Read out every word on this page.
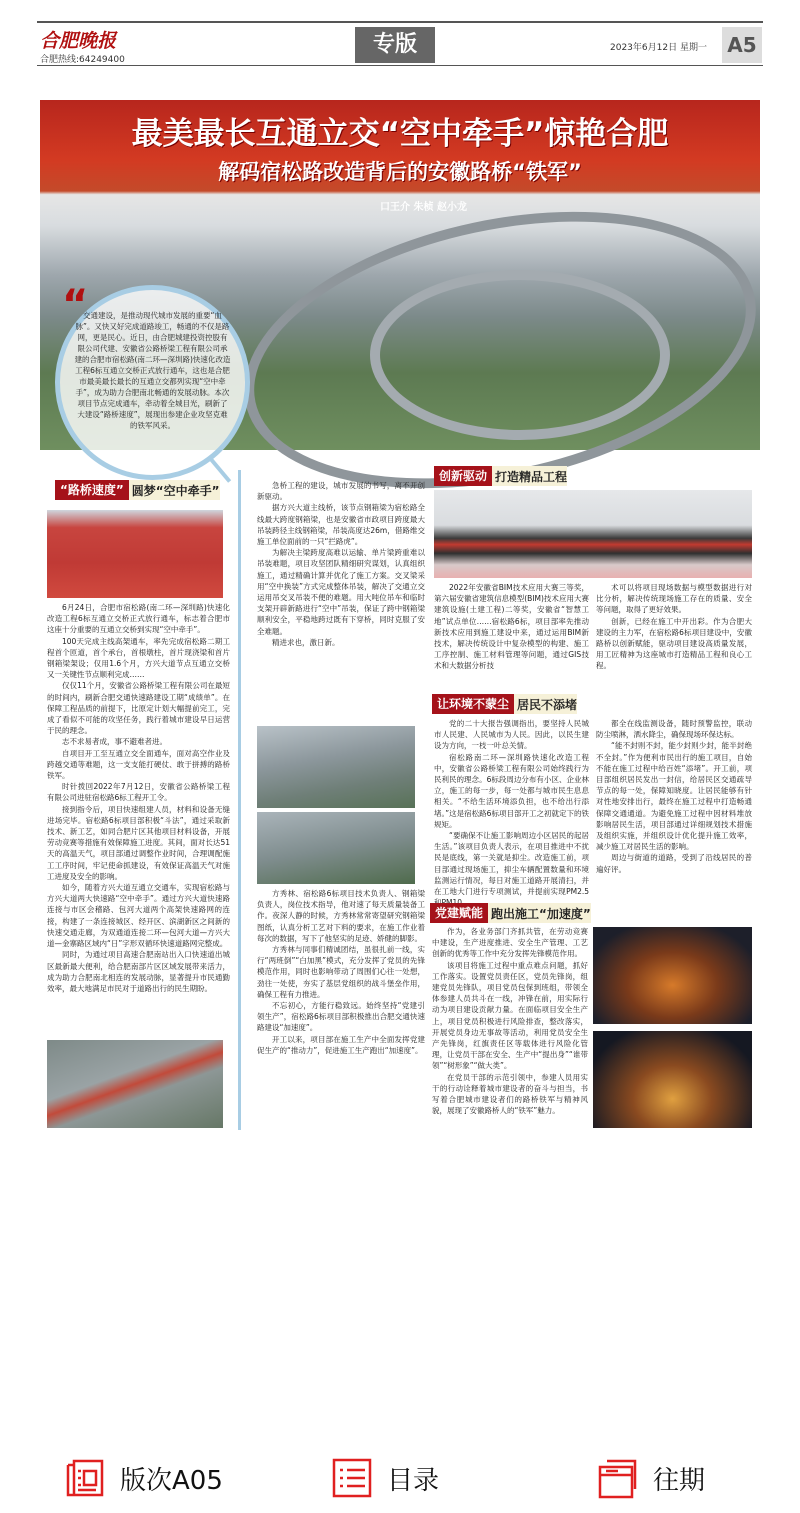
合肥晚报
合肥热线:64249400
专版	2023年6月12日 星期一 A5
最美最长互通立交“空中牵手”惊艳合肥
解码宿松路改造背后的安徽路桥“铁军”
口王介 朱桢 赵小龙
交通建设，是推动现代城市发展的重要“血脉”。又快又好完成道路竣工，畅通的不仅是路网，更是民心。近日，由合肥城建投资控股有限公司代建、安徽省公路桥梁工程有限公司承建的合肥市宿松路(南二环—深圳路)快速化改造工程6标互通立交桥正式放行通车，这也是合肥市最美最长最长的互通立交都列实现“空中牵手”，成为助力合肥南北畅通的发展动脉。本次项目节点完成通车，牵动着全城目光，刷新了大建设“路桥速度”，展现出参建企业攻坚克难的铁军风采。
“
“路桥速度” 圆梦“空中牵手”

6月24日，合肥市宿松路(南二环—深圳路)快速化改造工程6标互通立交桥正式放行通车，标志着合肥市这座十分重要的互通立交桥到实现“空中牵手”。

100天完成主线高架通车，率先完成宿松路二期工程首个匝道，首个承台，首根墩柱，首片现浇梁和首片钢箱梁架设；仅用1.6个月，方兴大道节点互通立交桥又一关键性节点顺利完成……

仅仅11个月，安徽省公路桥梁工程有限公司在最短的时间内，刷新合肥交通快速路建设工期“成绩单”。在保障工程品质的前提下，比原定计划大幅提前完工，完成了看似不可能的攻坚任务，践行着城市建设早日运营于民的理念。

志不求易者成，事不避难者进。

自项目开工至互通立交全面通车，面对高空作业及跨越交通等难题，这一支支能打硬仗、敢于拼搏的路桥铁军。

时针拨回2022年7月12日，安徽省公路桥梁工程有限公司进驻宿松路6标工程开工令。

接到指令后，项目快速组建人员，材料和设备无缝进场完毕。宿松路6标项目部积极“斗法”，通过采取新技术、新工艺，如同合肥片区其他项目材料设备，开展劳动竞赛等措施有效保障施工进度。其间，面对长达51天的高温天气，项目部通过调整作业时间，合理调配施工工序时间，牢记使命抓建设，有效保证高温天气对施工进度及安全的影响。

如今，随着方兴大道互通立交通车，实现宿松路与方兴大道两大快速路“空中牵手”。通过方兴大道快速路连接与市区会稽路、包河大道两个高架快速路网的连接，构建了一条连接城区、经开区、滨湖新区之间新的快速交通走廊，为双通道连接二环—包河大道—方兴大道—金寨路区域内“日”字形双循环快速道路网完整成。

同时，为通过项目高速合肥南站出入口快速道出城区最新最大便利，给合肥南部片区区域发展带来活力，成为助力合肥南北相连的发展动脉，显著提升市民通勤效率，最大地满足市民对于道路出行的民生期盼。

急桥工程的建设，城市发展的书写，离不开创新驱动。

据方兴大道主线桥，该节点钢箱梁为宿松路全线最大跨度钢箱梁，也是安徽省市政项目跨度最大吊装跨径主线钢箱梁，吊装高度达26m，借路维交施工单位面前的一只“拦路虎”。

为解决主梁跨度高难以运输、单片梁跨重难以吊装难题，项目攻坚团队精细研究谋划，认真组织施工，通过精确计算并优化了施工方案。交叉梁采用“空中换装”方式完成整体吊装，解决了交通立交运用吊交叉吊装不便的难题。用大吨位吊车和临时支架开辟新路进行“空中”吊装，保证了跨中钢箱梁顺利安全，平稳地跨过既有下穿桥，同时克服了安全难题。

精进求也，激日新。

方秀林、宿松路6标项目技术负责人、钢箱梁负责人，岗位技术指导，他对速了每天质量装备工作。夜深人静的时候，方秀林常常寄望研究钢箱梁图纸，认真分析工艺对下料的要求，在施工作业着每次的数据，写下了他坚实的足迹、娇健的脚影。

方秀林与同事们精诚团结，虽很扎前一线，实行“两班倒”“白加黑”模式，充分发挥了党员的先锋模范作用，同时也影响带动了周围们心往一处想，劲往一处使，夯实了基层党组织的战斗堡垒作用，确保工程有力推进。

不忘初心，方能行稳致远。始终坚持“党建引领生产”，宿松路6标项目部积极推出合肥交通快速路建设“加速度”。

开工以来，项目部在施工生产中全面发挥党建促生产的“推动力”，促进施工生产跑出“加速度”。

创新驱动 打造精品工程

2022年安徽省BIM技术应用大赛三等奖，第六届安徽省建筑信息模型(BIM)技术应用大赛建筑设施(土建工程)二等奖，安徽省“智慧工地”试点单位……宿松路6标，项目部率先推动新技术应用到施工建设中来，通过运用BIM新技术，解决传统设计中复杂模型的构建、施工工序控制、施工材料管理等问题，通过GIS技术和大数据分析技

术可以将项目现场数据与模型数据进行对比分析，解决传统现场施工存在的质量、安全等问题，取得了更好效果。

创新，已经在施工中开出彩。作为合肥大建设的主力军，在宿松路6标项目建设中，安徽路桥以创新赋能，驱动项目建设高质量发展，用工匠精神为这座城市打造精品工程和良心工程。

让环境不蒙尘 居民不添堵

党的二十大报告强调指出，要坚持人民城市人民建、人民城市为人民。因此，以民生建设为方向，一枝一叶总关情。

宿松路南二环—深圳路快速化改造工程中，安徽省公路桥梁工程有限公司始终践行为民利民的理念。6标段周边分布有小区、企业林立，施工的每一步，每一处都与城市民生息息相关。“不给生活环境添负担，也不给出行添堵。”这是宿松路6标项目部开工之初就定下的铁规矩。

“要确保不让施工影响周边小区居民的起居生活。”该项目负责人表示，在项目推进中不扰民是底线，第一关就是抑尘。改造施工前，项目部通过现场施工，抑尘车辆配置数量和环境监测运行情况，每日对施工道路开展清扫，并在工地大门进行专项测试，并提前实现PM2.5

都全在线监测设备，随时预警监控，联动防尘喷淋，洒水降尘，确保现场环保达标。

“能不封则不封，能少封则少封，能半封绝不全封。”作为便利市民出行的施工项目，自始不能在施工过程中给百姓“添堵”。开工前，项目部组织居民发出一封信，给居民区交通疏导节点的每一处，保障知晓度。让居民能够有针对性地安排出行，最终在施工过程中打造畅通保障交通通道。为避免施工过程中因材料堆放影响居民生活，项目部通过详细规划技术措施及组织实施，并组织设计优化提升施工效率，减少施工对居民生活的影响。

周边与街道的道路，受到了沿线居民的普遍好评。

党建赋能 跑出施工“加速度”

作为，各业务部门齐抓共管，在劳动竞赛中建设，生产进度推进、安全生产管理、工艺创新的优秀等工作中充分发挥先锋模范作用。

该项目将施工过程中重点难点问题，抓好工作落实。设置党员责任区，党员先锋岗，组建党员先锋队，项目党员包保到班组，带领全体参建人员共斗在一线，冲锋在前，用实际行动为项目建设贡献力量。在面临项目安全生产上，项目党员积极进行风险排查，整改落实，开展党员身边无事故等活动，利用党员安全生产先锋岗，红旗责任区等载体进行风险化管理，让党员干部在安全、生产中“提出身”“谁带领”“树形象”“做大类”。

在党员干部的示范引领中，参建人员用实干的行动诠释着城市建设者的奋斗与担当，书写着合肥城市建设者们的路桥铁军与精神风貌，展现了安徽路桥人的“铁军”魅力。

版次A05	目录	往期
